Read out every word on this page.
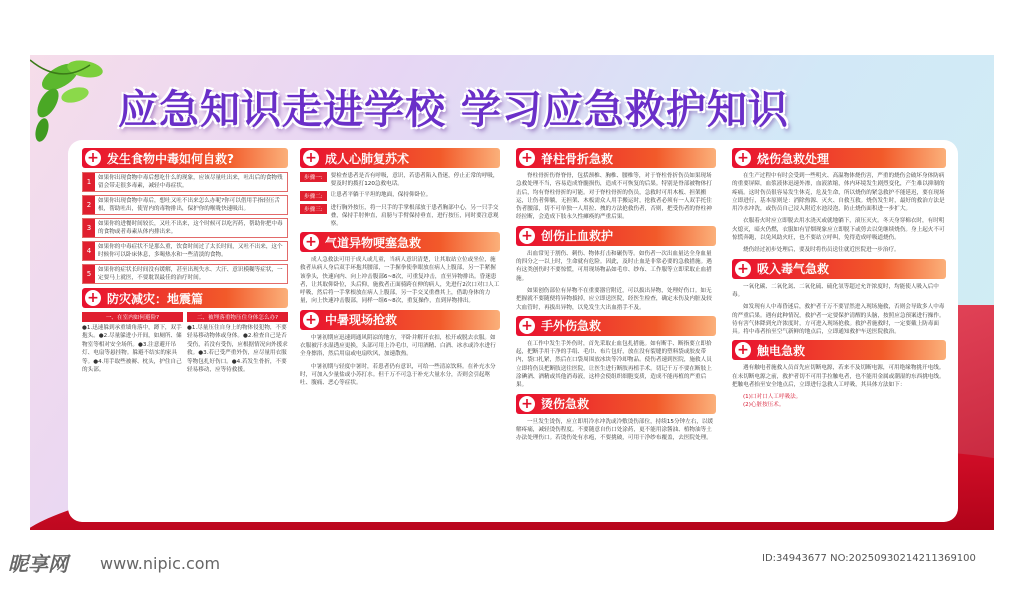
应急知识走进学校 学习应急救护知识
+ 发生食物中毒如何自救?
1	如果你出现食物中毒后想吃什么的现象，应该尽量吐出来，吐出后的食物残留会带走很多毒素，减轻中毒症状。
2	如果你出现食物中毒后，想吐又吐不出来怎么办呢?你可以借用手指轻压舌根，帮助吐出，使胃内的毒物排出，保护你的喉咙快速吸出。
3	如果你的进餐时间较长，又吐不出来，这个时候可以吃泻药，帮助你把中毒的食物或者毒素从体内排出来。
4	如果你的中毒症状不是那么重，饮食时间过了太长时间，又吐不出来，这个时候你可以卧床休息，多喝热水和一些清淡的食物。
5	如果你的症状长时间没有缓解，甚至出现失水、大汗、意识模糊等症状，一定要马上就医，不要耽误最佳的治疗时间。
+ 防灾减灾：地震篇
一、在室内如何避险?
●1.迅速躲到承重墙角落中，蹲下，双手抱头。●2.尽量躲进小开间，如厕所、储物室等相对安全场所。●3.注意避开吊灯、电扇等悬挂物。躲避不结实的家具等。●4.用手取些被褥、枕头，护住自己的头部。
二、被埋落重物压住身体怎么办?
●1.尽量压住自身上的物体侵犯物，不要轻易移动物体或身体。●2.检查自己是否受伤，若没有受伤，应根据情况向外援求救。●3.若已受严重外伤，应尽量用衣服等物包扎好伤口。●4.若发生骨折，不要轻易移动，应等待救援。
+ 成人心肺复苏术
步骤一:	要检查患者是否有呼吸，意识，若患者陷入昏迷，停止正常的呼吸，要及时的拨打120急救电话。
步骤二:	让患者平躺于平坦的地面，保持仰卧位。
步骤三:	进行胸外按压，将一只手的手掌根部放于患者胸部中心，另一只手交叠，保持手肘伸直，肩膀与手臂保持垂直，进行按压，同时要注意观察。
+ 气道异物哽塞急救
成人急救法可用于成人或儿童，当病人意识清楚，让其取站立位或坐位，施救者从病人身后双手环抱其腰部，一手握拳使拳眼放在病人上腹部，另一手紧握该拳头，快速向内、向上冲击腹部6~8次，可重复冲击，直至异物排出。昏迷患者，让其取仰卧位，头后仰，施救者正面骑跨在伸的病人，先进行2次口对口人工呼吸，然后将一手掌根放在病人上腹部，另一手交叉重叠其上，借助身体的力量，向上快速冲击腹部，同样一组6~8次，重复操作，直到异物排出。
+ 中暑现场抢救
中暑初期应迅速到通风阴凉的地方，平卧并解开衣扣，松开或脱去衣服。如衣服被汗水湿透应更换，头部可用上冷毛巾，可用酒精、白酒、冰水或冷水进行全身擦浴，然后用扇或电扇吹风，加速散热。
中暑初期与轻度中暑时，若患者仍有意识，可给一些清凉饮料。在补充水分时，可加入少量盐或小苏打水。但千万不可急于补充大量水分，否则会引起呕吐、腹痛、恶心等症状。
+ 脊柱骨折急救
脊柱骨折伤脊脊骨，包括颈椎、胸椎、腰椎等，对于脊柱骨折伤员如果现场急救处理不当，容易造成脊髓损伤，造成不可恢复的后果。特别是脊部被物体打击后，均有脊柱骨折的可能。对于脊柱骨折的伤员，急救时可用木板、担架搬运，让伤者仰躺，无担架、木板需众人用手搬运时，抢救者必须有一人双手托住伤者腰部，切不可单独一人用拉、拽的方法抢救伤者，否则，把受伤者的脊柱神经拉断，会造成下肢永久性瘫痪的严重后果。
+ 创伤止血救护
出血常见于割伤、刺伤、物体打击和碾伤等。如伤者一次出血量达全身血量的四分之一以上时，生命就有危险。因此，及时止血是非常必要的急救措施。遇有这类创伤时不要惊慌，可用现场物品如毛巾、纱布、工作服等立即采取止血措施。
如果创伤部位有异物不在重要器官附近，可以拔出异物，处理好伤口。如无把握就不要随便将异物拔掉，应立即送医院，经医生检查，确定未伤及内脏及较大血管时，再拔出异物，以免发生大出血措手不及。
+ 手外伤急救
在工作中发生手外伤时，首先采取止血包扎措施。如有断手、断指要立即拾起，把断手用干净的手绢、毛巾、布片包好，放在没有裂缝的塑料袋或胶皮带内，袋口扎紧，然后在口袋周围放冰块等冷却物品。使伤者速到医院，施救人员立即将伤员把断肢送往医院，让医生进行断肢再植手术。切记千万不要在断肢上涂碘酒、酒精或其他消毒液，这样会使组织细胞变质，造成不能再植的严重后果。
+ 烫伤急救
一旦发生烫伤，应立即用冷水冲洗或冷敷烫伤部位，持续15分钟左右，以缓解疼痛，减轻烫伤程度。不要随意自伤口处涂药，更不能用涂酱油、植物油等土办法处理伤口。若烫伤处有水疱，不要挑破，可用干净纱布覆盖，去医院处理。
+ 烧伤急救处理
在生产过程中有时会受到一些明火、高温物体烧伤害，严重的烧伤会破坏身体防病的重要屏障，血浆液体迅速外渗，血液浓缩，体内环境发生剧烈变化，产生难以抑制的疼痛。这时伤员很容易发生休克，危及生命，所以烧伤的紧急救护不能延迟，要在现场立即进行，基本原则是：消除热源、灭火、自救互救。烧伤发生时，最好的救治方法是用冷水冲洗，或伤员自己浸入附近水池浸泡，防止烧伤面积进一步扩大。
衣服着火时应立即脱去用水浇灭或就地躺下，滚压灭火。冬天身穿棉衣时，有时明火熄灭，暗火仍燃，衣服如有冒烟现象应立即脱下或剪去以免继续烧伤。身上起火不可惊慌奔跑，以免风助火旺，也不要站立呼叫，免得造成呼吸道烧伤。
烧伤经过初步处理后，要及时将伤员送往就近医院进一步治疗。
+ 吸入毒气急救
一氧化碳、二氧化氮、二氧化硫、硫化氢等超过允许浓度时，均能使人吸入后中毒。
如发现有人中毒昏迷后，救护者千万不要冒然进入现场施救，否则会导致多人中毒的严重后果。遇有此种情况，救护者一定要保护清醒的头脑，按照应急预案进行操作。待有害气体降到允许浓度时，方可进入现场抢救。救护者施救时，一定要戴上防毒面具。将中毒者抬至空气新鲜的地点后，立即通知救护车送医院救治。
+ 触电急救
遇有触电者施救人员首先应切断电源，若来不及切断电源，可用绝缘物挑开电线。在未切断电源之前，救护者切不可用手拉触电者，也不能用金属或潮湿的东西挑电线。把触电者抬至安全地点后，立即进行急救人工呼吸，其具体方法如下：
(1)口对口人工呼吸法。
(2)心脏按压术。
昵享网 www.nipic.com	ID:34943677 NO:20250930214211369100
